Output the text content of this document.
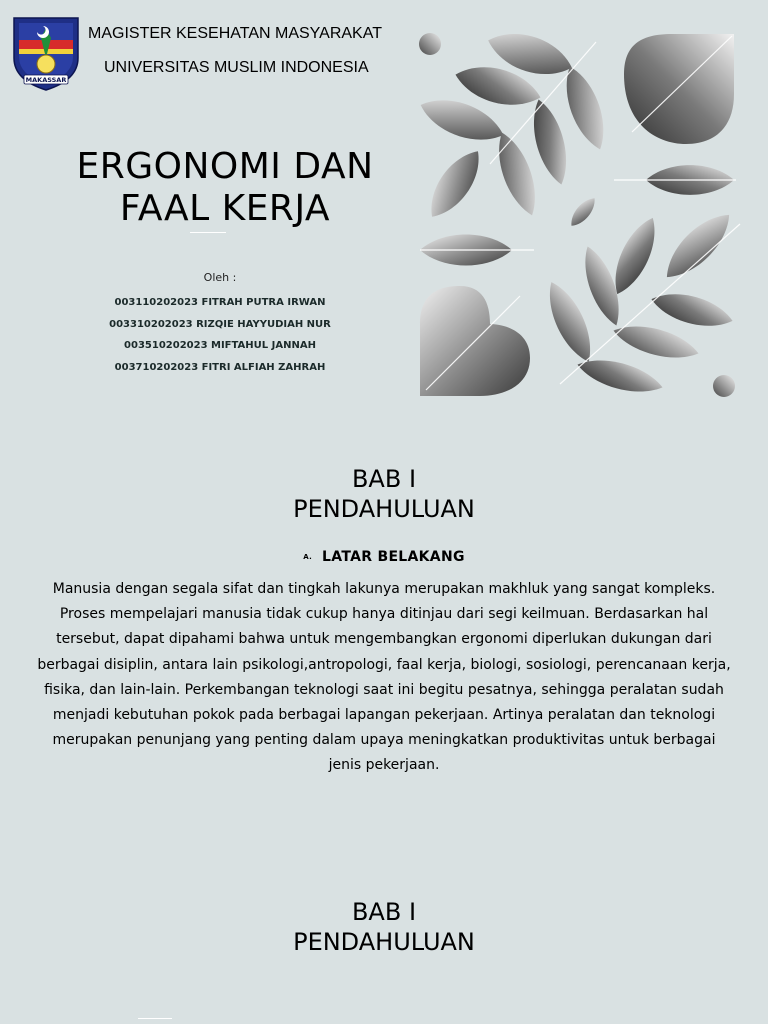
MAKASSAR
MAGISTER KESEHATAN MASYARAKAT
UNIVERSITAS MUSLIM INDONESIA
ERGONOMI DAN
FAAL KERJA
Oleh :
003110202023 FITRAH PUTRA IRWAN
003310202023 RIZQIE HAYYUDIAH NUR
003510202023 MIFTAHUL JANNAH
003710202023 FITRI ALFIAH ZAHRAH
BAB I
PENDAHULUAN
A. LATAR BELAKANG

Manusia dengan segala sifat dan tingkah lakunya merupakan makhluk yang sangat kompleks. Proses mempelajari manusia tidak cukup hanya ditinjau dari segi keilmuan. Berdasarkan hal tersebut, dapat dipahami bahwa untuk mengembangkan ergonomi diperlukan dukungan dari berbagai disiplin, antara lain psikologi,antropologi, faal kerja, biologi, sosiologi, perencanaan kerja, fisika, dan lain-lain. Perkembangan teknologi saat ini begitu pesatnya, sehingga peralatan sudah menjadi kebutuhan pokok pada berbagai lapangan pekerjaan. Artinya peralatan dan teknologi merupakan penunjang yang penting dalam upaya meningkatkan produktivitas untuk berbagai jenis pekerjaan.

BAB I
PENDAHULUAN
